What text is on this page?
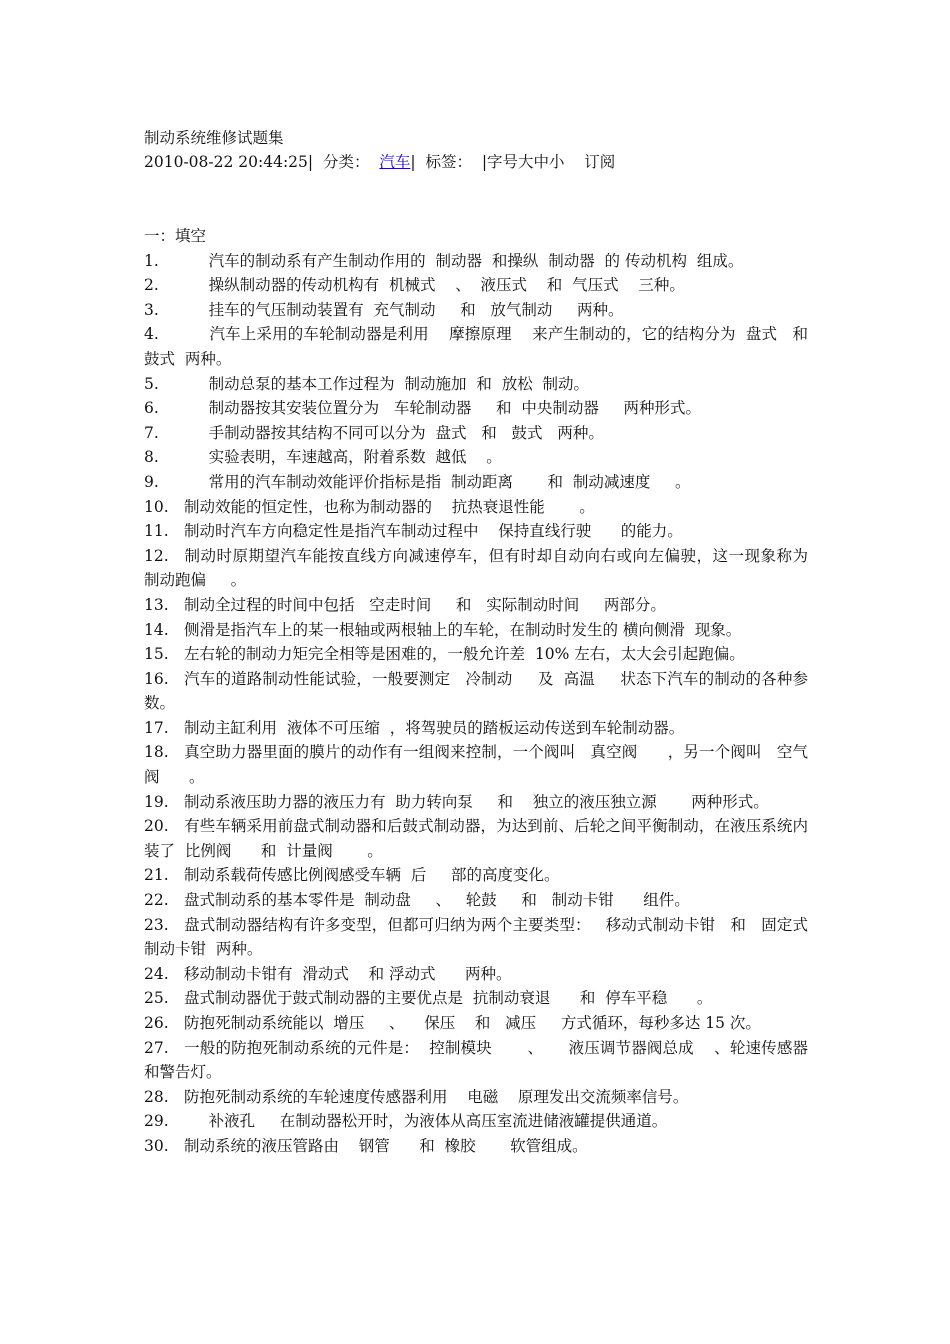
制动系统维修试题集

2010-08-22 20:44:25| 分类： 汽车|  标签：  |字号大中小    订阅

一：填空

1.     汽车的制动系有产生制动作用的  制动器  和操纵  制动器  的 传动机构  组成。

2.     操纵制动器的传动机构有  机械式    、  液压式    和  气压式    三种。

3.     挂车的气压制动装置有  充气制动     和   放气制动     两种。

4.     汽车上采用的车轮制动器是利用    摩擦原理    来产生制动的，它的结构分为  盘式   和  鼓式  两种。

5.     制动总泵的基本工作过程为  制动施加  和  放松  制动。

6.     制动器按其安装位置分为   车轮制动器     和  中央制动器     两种形式。

7.     手制动器按其结构不同可以分为  盘式   和   鼓式   两种。

8.     实验表明，车速越高，附着系数  越低    。

9.     常用的汽车制动效能评价指标是指  制动距离       和  制动减速度     。

10. 制动效能的恒定性，也称为制动器的    抗热衰退性能       。

11. 制动时汽车方向稳定性是指汽车制动过程中    保持直线行驶      的能力。

12. 制动时原期望汽车能按直线方向减速停车，但有时却自动向右或向左偏驶，这一现象称为   制动跑偏     。

13. 制动全过程的时间中包括   空走时间     和   实际制动时间     两部分。

14. 侧滑是指汽车上的某一根轴或两根轴上的车轮，在制动时发生的 横向侧滑  现象。

15. 左右轮的制动力矩完全相等是困难的，一般允许差  10% 左右，太大会引起跑偏。

16. 汽车的道路制动性能试验，一般要测定   冷制动     及  高温     状态下汽车的制动的各种参数。

17. 制动主缸利用  液体不可压缩  ，将驾驶员的踏板运动传送到车轮制动器。

18. 真空助力器里面的膜片的动作有一组阀来控制，一个阀叫   真空阀      ，另一个阀叫   空气阀      。

19. 制动系液压助力器的液压力有  助力转向泵     和    独立的液压独立源       两种形式。

20. 有些车辆采用前盘式制动器和后鼓式制动器，为达到前、后轮之间平衡制动，在液压系统内装了  比例阀      和  计量阀       。

21. 制动系载荷传感比例阀感受车辆  后     部的高度变化。

22. 盘式制动系的基本零件是  制动盘     、   轮鼓     和   制动卡钳      组件。

23. 盘式制动器结构有许多变型，但都可归纳为两个主要类型：   移动式制动卡钳   和   固定式制动卡钳  两种。

24. 移动制动卡钳有  滑动式    和 浮动式      两种。

25. 盘式制动器优于鼓式制动器的主要优点是  抗制动衰退      和  停车平稳      。

26. 防抱死制动系统能以  增压     、    保压    和   减压     方式循环，每秒多达 15 次。

27. 一般的防抱死制动系统的元件是：  控制模块       、     液压调节器阀总成    、轮速传感器和警告灯。

28. 防抱死制动系统的车轮速度传感器利用    电磁    原理发出交流频率信号。

29.     补液孔     在制动器松开时，为液体从高压室流进储液罐提供通道。

30. 制动系统的液压管路由    钢管      和  橡胶       软管组成。
